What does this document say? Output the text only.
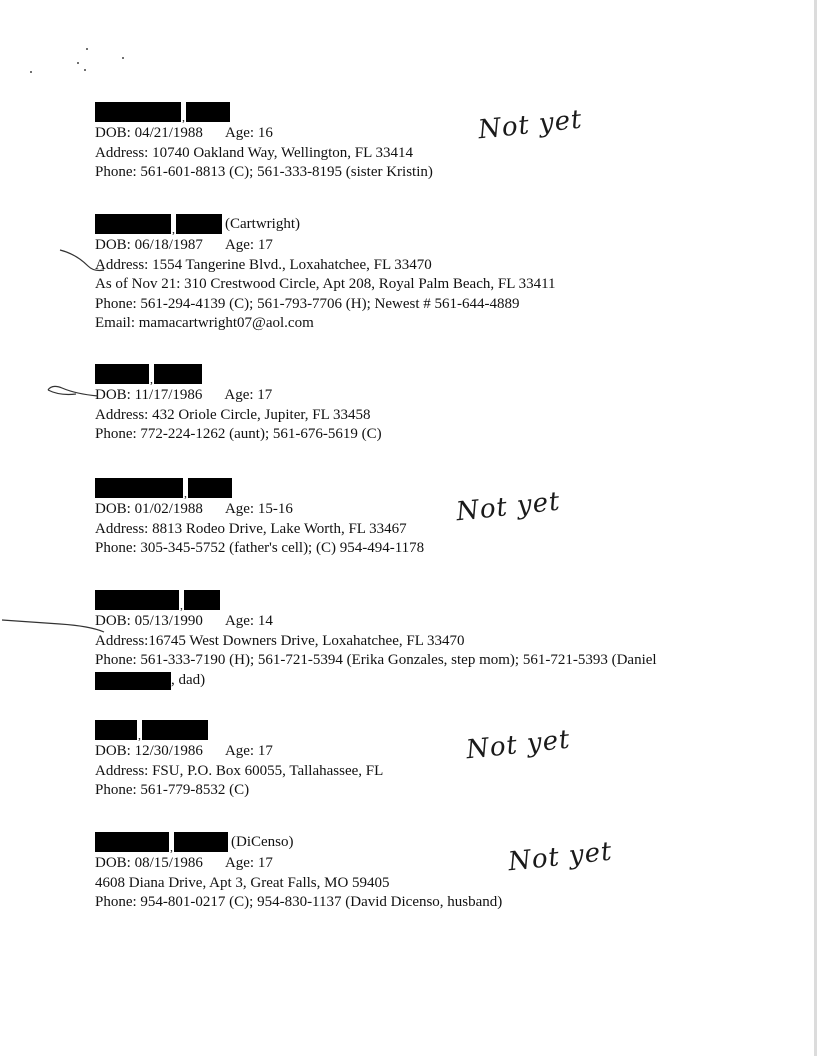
,
DOB: 04/21/1988 Age: 16
Address: 10740 Oakland Way, Wellington, FL 33414
Phone: 561-601-8813 (C); 561-333-8195 (sister Kristin)
Not yet
,	(Cartwright)
DOB: 06/18/1987 Age: 17
Address: 1554 Tangerine Blvd., Loxahatchee, FL 33470
As of Nov 21: 310 Crestwood Circle, Apt 208, Royal Palm Beach, FL 33411
Phone: 561-294-4139 (C); 561-793-7706 (H); Newest # 561-644-4889
Email: mamacartwright07@aol.com
,
DOB: 11/17/1986 Age: 17
Address: 432 Oriole Circle, Jupiter, FL 33458
Phone: 772-224-1262 (aunt); 561-676-5619 (C)
,
DOB: 01/02/1988 Age: 15-16
Address: 8813 Rodeo Drive, Lake Worth, FL 33467
Phone: 305-345-5752 (father's cell); (C) 954-494-1178
Not yet
,
DOB: 05/13/1990 Age: 14
Address:16745 West Downers Drive, Loxahatchee, FL 33470
Phone: 561-333-7190 (H); 561-721-5394 (Erika Gonzales, step mom); 561-721-5393 (Daniel
, dad)
,
DOB: 12/30/1986 Age: 17
Address: FSU, P.O. Box 60055, Tallahassee, FL
Phone: 561-779-8532 (C)
Not yet
,	(DiCenso)
DOB: 08/15/1986 Age: 17
4608 Diana Drive, Apt 3, Great Falls, MO 59405
Phone: 954-801-0217 (C); 954-830-1137 (David Dicenso, husband)
Not yet
